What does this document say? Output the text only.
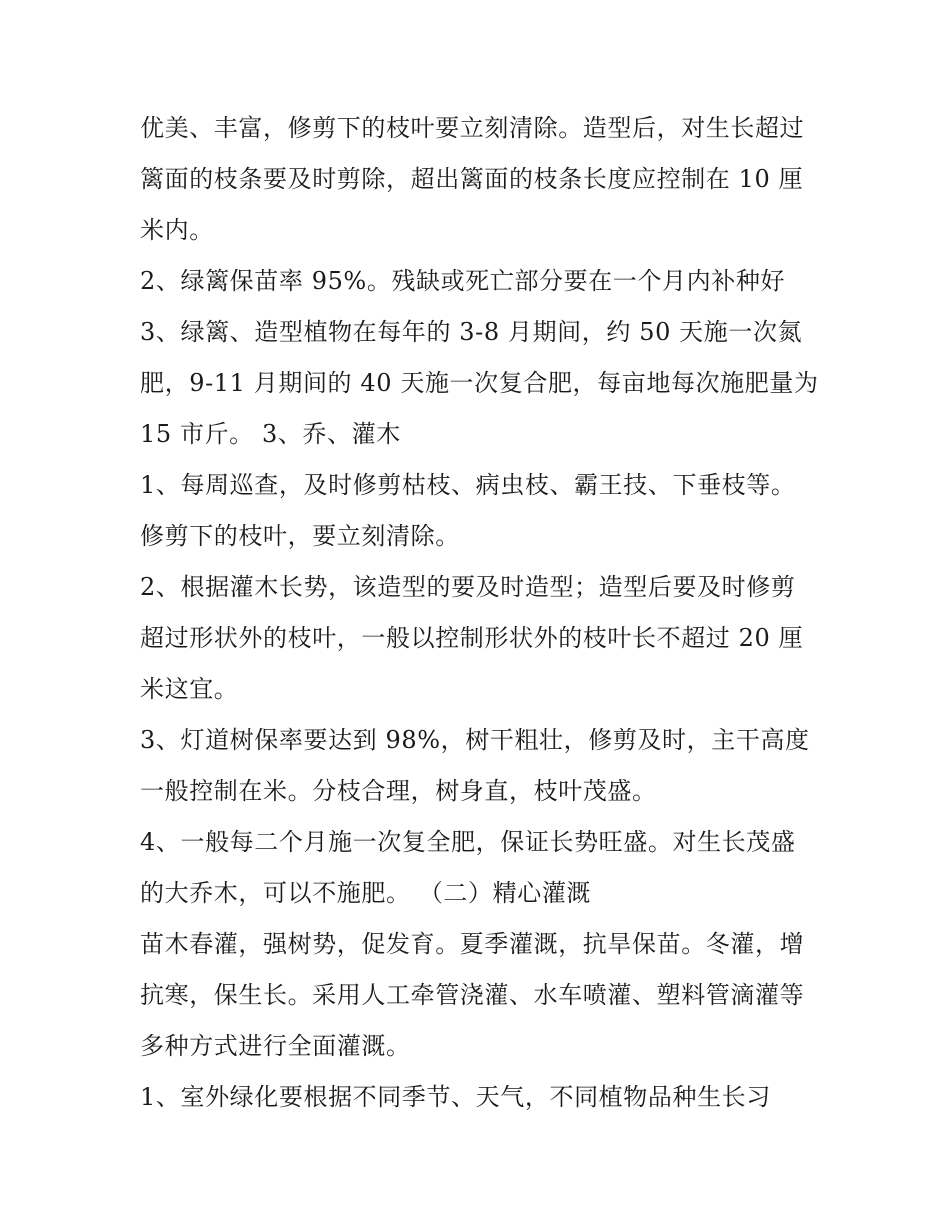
优美、丰富，修剪下的枝叶要立刻清除。造型后，对生长超过
篱面的枝条要及时剪除，超出篱面的枝条长度应控制在 10 厘
米内。
2、绿篱保苗率 95%。残缺或死亡部分要在一个月内补种好
3、绿篱、造型植物在每年的 3-8 月期间，约 50 天施一次氮
肥，9-11 月期间的 40 天施一次复合肥，每亩地每次施肥量为
15 市斤。 3、乔、灌木
1、每周巡查，及时修剪枯枝、病虫枝、霸王技、下垂枝等。
修剪下的枝叶，要立刻清除。
2、根据灌木长势，该造型的要及时造型；造型后要及时修剪
超过形状外的枝叶，一般以控制形状外的枝叶长不超过 20 厘
米这宜。
3、灯道树保率要达到 98%，树干粗壮，修剪及时，主干高度
一般控制在米。分枝合理，树身直，枝叶茂盛。
4、一般每二个月施一次复全肥，保证长势旺盛。对生长茂盛
的大乔木，可以不施肥。 （二）精心灌溉
苗木春灌，强树势，促发育。夏季灌溉，抗旱保苗。冬灌，增
抗寒，保生长。采用人工牵管浇灌、水车喷灌、塑料管滴灌等
多种方式进行全面灌溉。
1、室外绿化要根据不同季节、天气，不同植物品种生长习
